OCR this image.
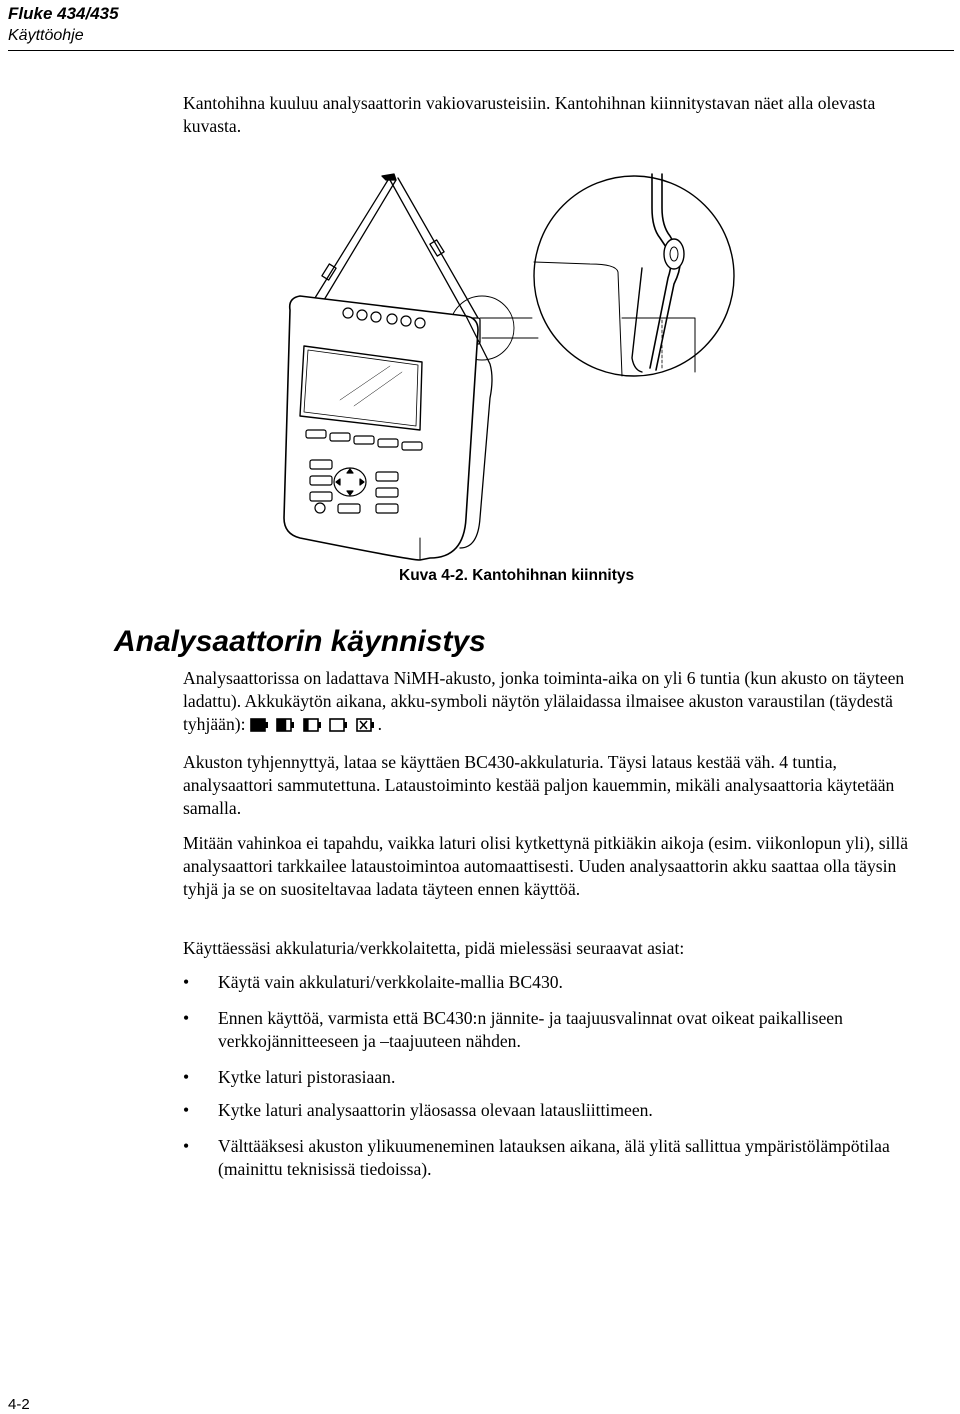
Fluke 434/435
Käyttöohje

Kantohihna kuuluu analysaattorin vakiovarusteisiin. Kantohihnan kiinnitystavan näet alla olevasta kuvasta.

Kuva 4-2. Kantohihnan kiinnitys
Analysaattorin käynnistys

Analysaattorissa on ladattava NiMH-akusto, jonka toiminta-aika on yli 6 tuntia (kun akusto on täyteen ladattu). Akkukäytön aikana, akku-symboli näytön ylälaidassa ilmaisee akuston varaustilan (täydestä tyhjään):	.

Akuston tyhjennyttyä, lataa se käyttäen BC430-akkulaturia. Täysi lataus kestää väh. 4 tuntia, analysaattori sammutettuna. Lataustoiminto kestää paljon kauemmin, mikäli analysaattoria käytetään samalla.

Mitään vahinkoa ei tapahdu, vaikka laturi olisi kytkettynä pitkiäkin aikoja (esim. viikonlopun yli), sillä analysaattori tarkkailee lataustoimintoa automaattisesti. Uuden analysaattorin akku saattaa olla täysin tyhjä ja se on suositeltavaa ladata täyteen ennen käyttöä.

Käyttäessäsi akkulaturia/verkkolaitetta, pidä mielessäsi seuraavat asiat:

• Käytä vain akkulaturi/verkkolaite-mallia BC430.
• Ennen käyttöä, varmista että BC430:n jännite- ja taajuusvalinnat ovat oikeat paikalliseen verkkojännitteeseen ja –taajuuteen nähden.
• Kytke laturi pistorasiaan.
• Kytke laturi analysaattorin yläosassa olevaan latausliittimeen.
• Välttääksesi akuston ylikuumeneminen latauksen aikana, älä ylitä sallittua ympäristölämpötilaa (mainittu teknisissä tiedoissa).
4-2
